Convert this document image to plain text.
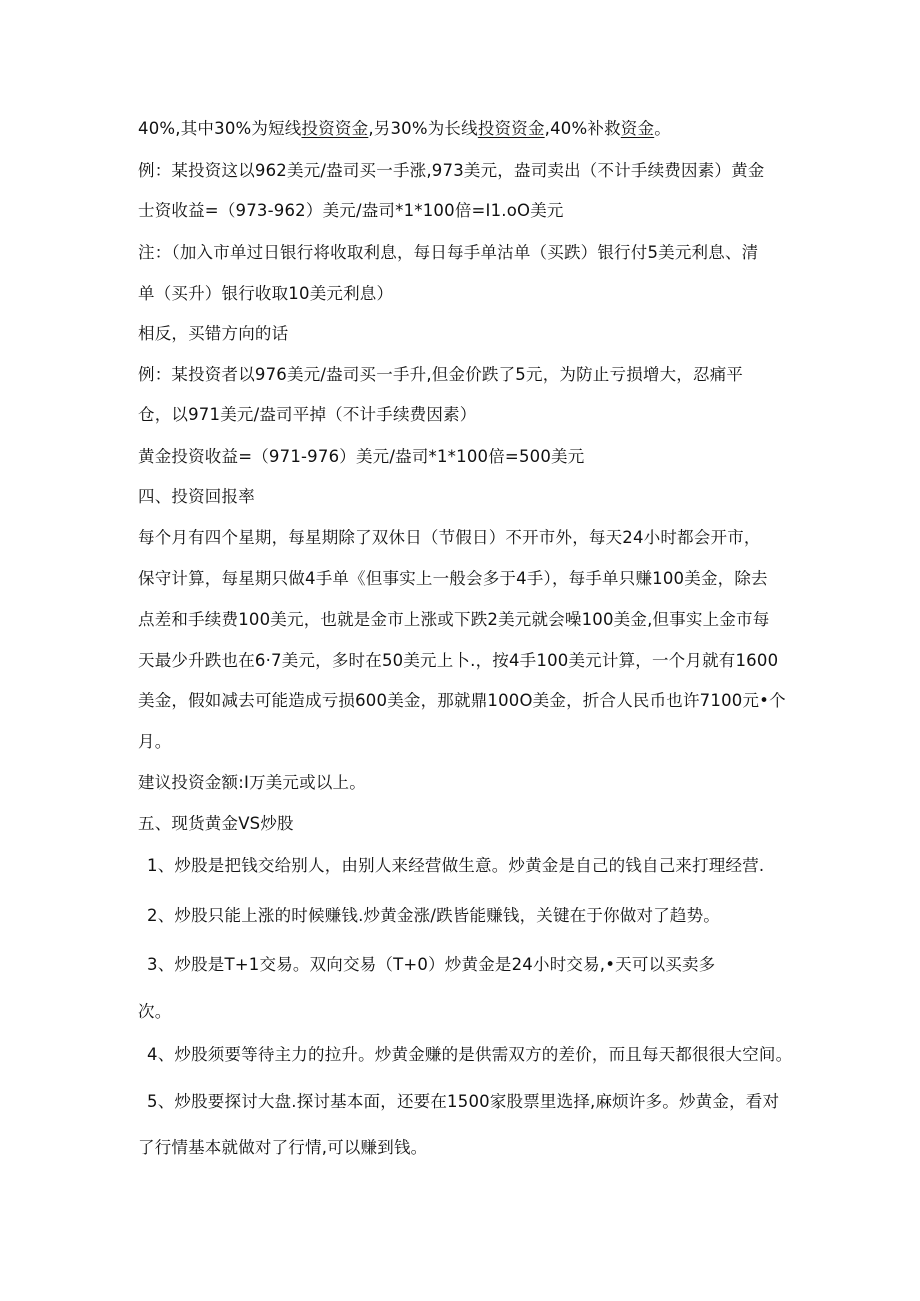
40%,其中30%为短线投资资金,另30%为长线投资资金,40%补救资金。
例：某投资这以962美元/盎司买一手涨,973美元，盎司卖出（不计手续费因素）黄金
士资收益=（973-962）美元/盎司*1*100倍=I1.oO美元
注：（加入市单过日银行将收取利息，每日每手单沽单（买跌）银行付5美元利息、清
单（买升）银行收取10美元利息）
相反，买错方向的话
例：某投资者以976美元/盎司买一手升,但金价跌了5元，为防止亏损增大，忍痛平
仓，以971美元/盎司平掉（不计手续费因素）
黄金投资收益=（971-976）美元/盎司*1*100倍=500美元
四、投资回报率
每个月有四个星期，每星期除了双休日（节假日）不开市外，每天24小时都会开市，
保守计算，每星期只做4手单《但事实上一般会多于4手），每手单只赚100美金，除去
点差和手续费100美元，也就是金市上涨或下跌2美元就会噪100美金,但事实上金市每
天最少升跌也在6·7美元，多时在50美元上卜.，按4手100美元计算，一个月就有1600
美金，假如减去可能造成亏损600美金，那就鼎100O美金，折合人民币也许7100元•个
月。
建议投资金额:I万美元或以上。
五、现货黄金VS炒股
1、炒股是把钱交给别人，由别人来经营做生意。炒黄金是自己的钱自己来打理经营.
2、炒股只能上涨的时候赚钱.炒黄金涨/跌皆能赚钱，关键在于你做对了趋势。
3、炒股是T+1交易。双向交易（T+0）炒黄金是24小时交易,•天可以买卖多
次。
4、炒股须要等待主力的拉升。炒黄金赚的是供需双方的差价，而且每天都很很大空间。
5、炒股要探讨大盘.探讨基本面，还要在1500家股票里选择,麻烦许多。炒黄金，看对
了行情基本就做对了行情,可以赚到钱。
